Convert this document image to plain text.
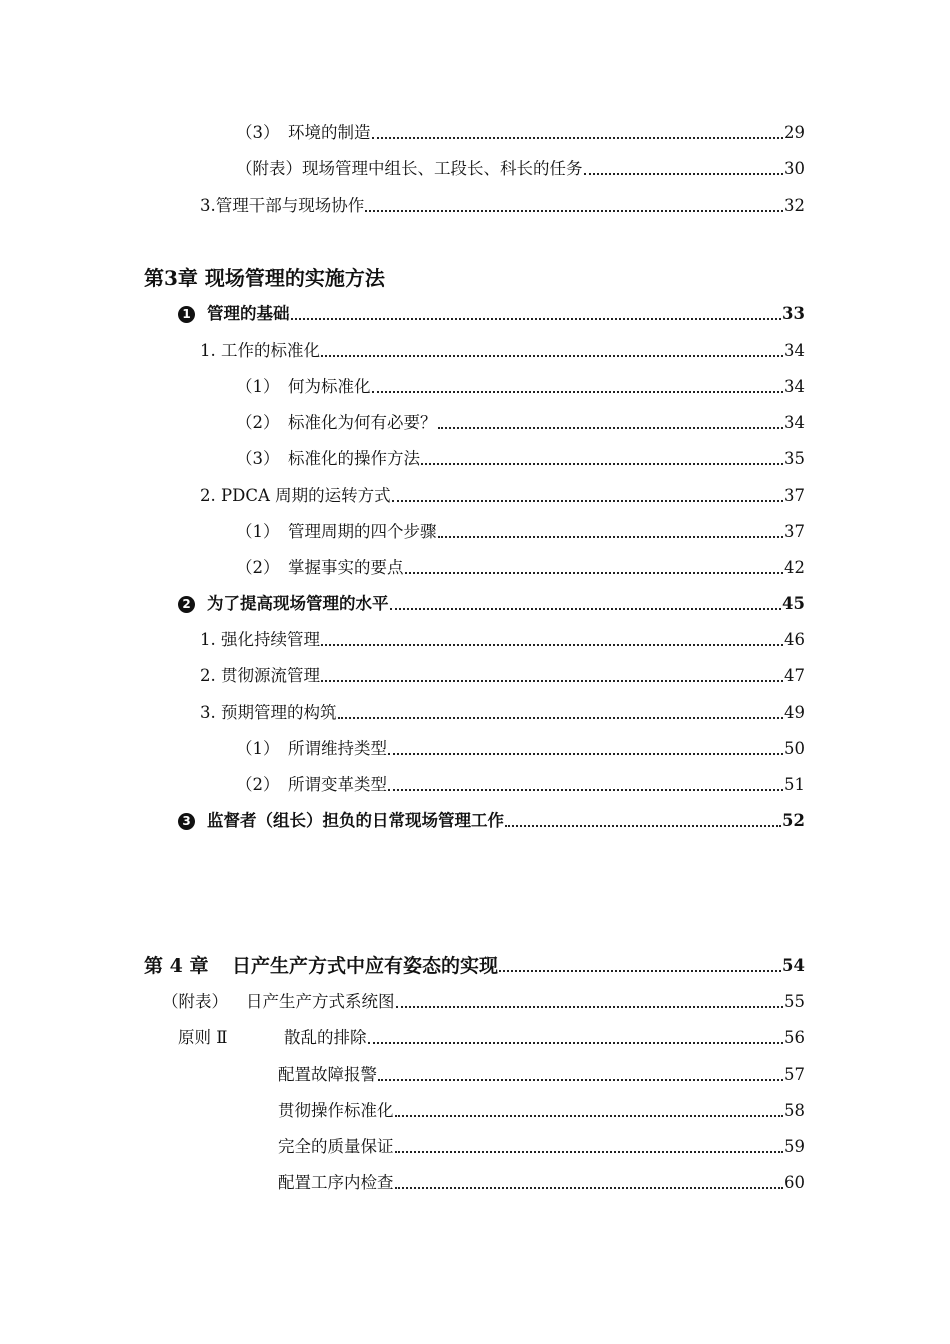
（3） 环境的制造	29
（附表）现场管理中组长、工段长、科长的任务	30
3.管理干部与现场协作	32
第3章 现场管理的实施方法
1 管理的基础	33
1. 工作的标准化	34
（1） 何为标准化	34
（2） 标准化为何有必要？	34
（3） 标准化的操作方法	35
2. PDCA 周期的运转方式	37
（1） 管理周期的四个步骤	37
（2） 掌握事实的要点	42
2 为了提高现场管理的水平	45
1. 强化持续管理	46
2. 贯彻源流管理	47
3. 预期管理的构筑	49
（1） 所谓维持类型	50
（2） 所谓变革类型	51
3 监督者（组长）担负的日常现场管理工作	52
第 4 章	日产生产方式中应有姿态的实现	54
（附表）	日产生产方式系统图	55
原则 Ⅱ	散乱的排除	56
配置故障报警	57
贯彻操作标准化	58
完全的质量保证	59
配置工序内检查	60
